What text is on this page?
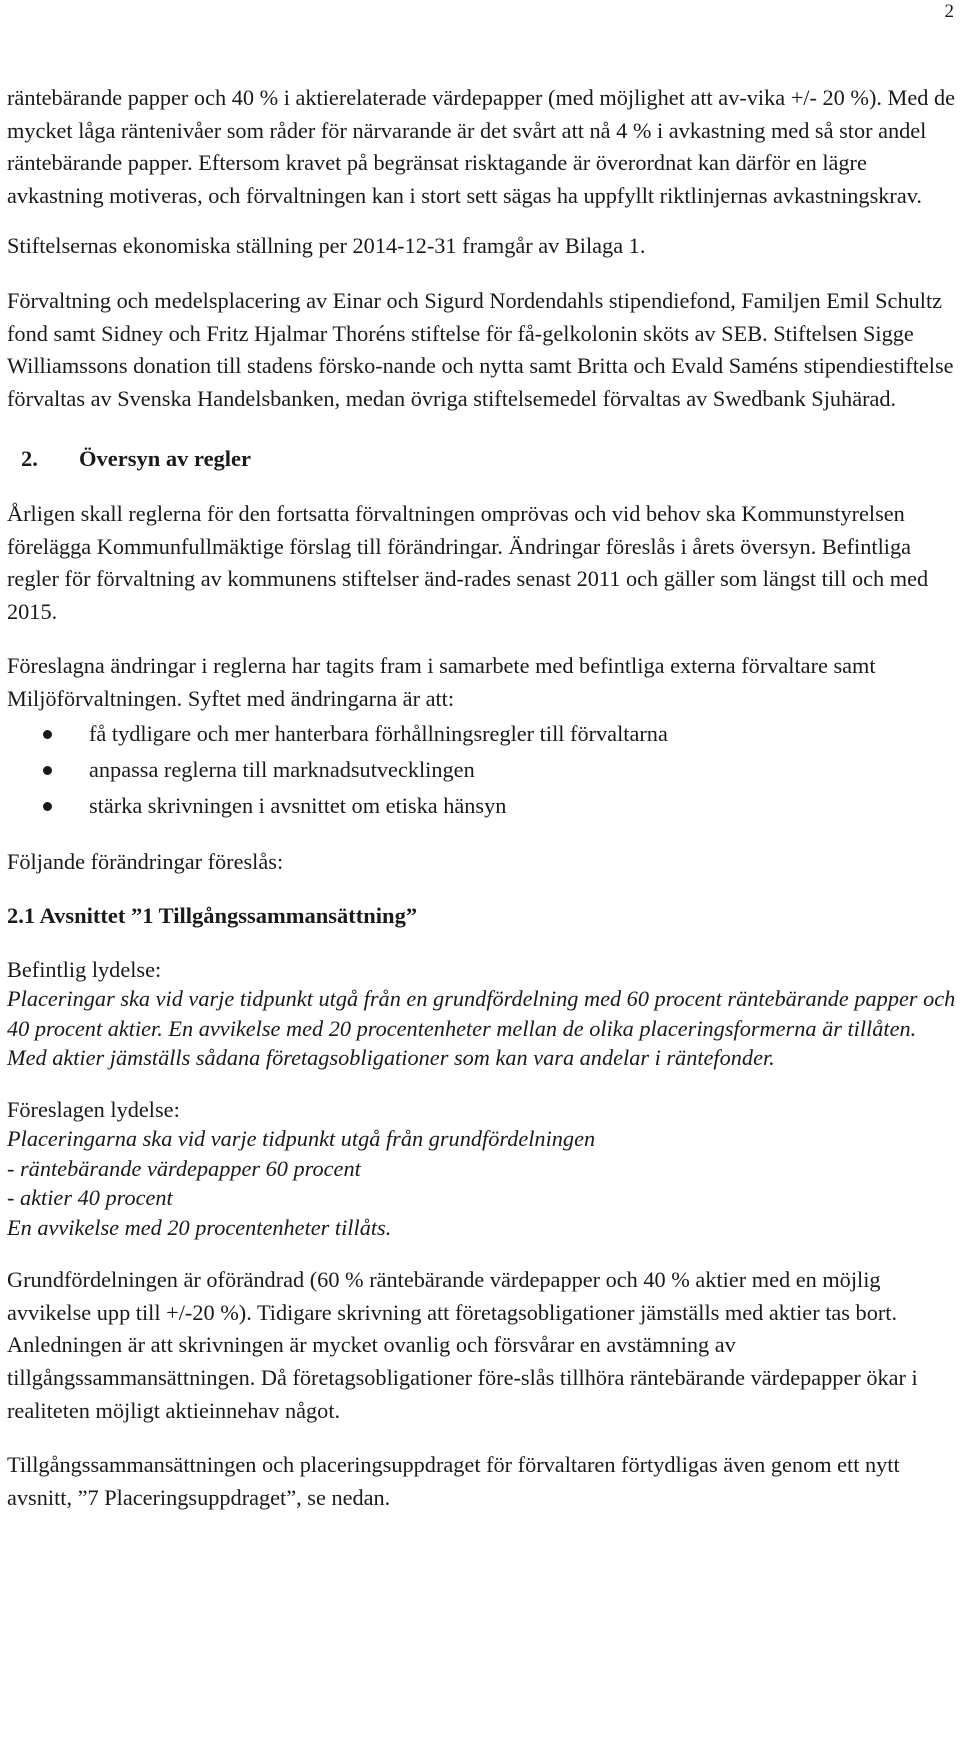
2

räntebärande papper och 40 % i aktierelaterade värdepapper (med möjlighet att av-vika +/- 20 %). Med de mycket låga räntenivåer som råder för närvarande är det svårt att nå 4 % i avkastning med så stor andel räntebärande papper. Eftersom kravet på begränsat risktagande är överordnat kan därför en lägre avkastning motiveras, och förvaltningen kan i stort sett sägas ha uppfyllt riktlinjernas avkastningskrav.

Stiftelsernas ekonomiska ställning per 2014-12-31 framgår av Bilaga 1.

Förvaltning och medelsplacering av Einar och Sigurd Nordendahls stipendiefond, Familjen Emil Schultz fond samt Sidney och Fritz Hjalmar Thoréns stiftelse för få-gelkolonin sköts av SEB. Stiftelsen Sigge Williamssons donation till stadens försko-nande och nytta samt Britta och Evald Saméns stipendiestiftelse förvaltas av Svenska Handelsbanken, medan övriga stiftelsemedel förvaltas av Swedbank Sjuhärad.

2. Översyn av regler

Årligen skall reglerna för den fortsatta förvaltningen omprövas och vid behov ska Kommunstyrelsen förelägga Kommunfullmäktige förslag till förändringar. Ändringar föreslås i årets översyn. Befintliga regler för förvaltning av kommunens stiftelser änd-rades senast 2011 och gäller som längst till och med 2015.

Föreslagna ändringar i reglerna har tagits fram i samarbete med befintliga externa förvaltare samt Miljöförvaltningen. Syftet med ändringarna är att:

få tydligare och mer hanterbara förhållningsregler till förvaltarna
anpassa reglerna till marknadsutvecklingen
stärka skrivningen i avsnittet om etiska hänsyn

Följande förändringar föreslås:

2.1 Avsnittet ”1 Tillgångssammansättning”
Befintlig lydelse:
Placeringar ska vid varje tidpunkt utgå från en grundfördelning med 60 procent räntebärande papper och 40 procent aktier. En avvikelse med 20 procentenheter mellan de olika placeringsformerna är tillåten.
Med aktier jämställs sådana företagsobligationer som kan vara andelar i räntefonder.
Föreslagen lydelse:
Placeringarna ska vid varje tidpunkt utgå från grundfördelningen
- räntebärande värdepapper 60 procent
- aktier 40 procent
En avvikelse med 20 procentenheter tillåts.

Grundfördelningen är oförändrad (60 % räntebärande värdepapper och 40 % aktier med en möjlig avvikelse upp till +/-20 %). Tidigare skrivning att företagsobligationer jämställs med aktier tas bort. Anledningen är att skrivningen är mycket ovanlig och försvårar en avstämning av tillgångssammansättningen. Då företagsobligationer före-slås tillhöra räntebärande värdepapper ökar i realiteten möjligt aktieinnehav något.

Tillgångssammansättningen och placeringsuppdraget för förvaltaren förtydligas även genom ett nytt avsnitt, ”7 Placeringsuppdraget”, se nedan.
